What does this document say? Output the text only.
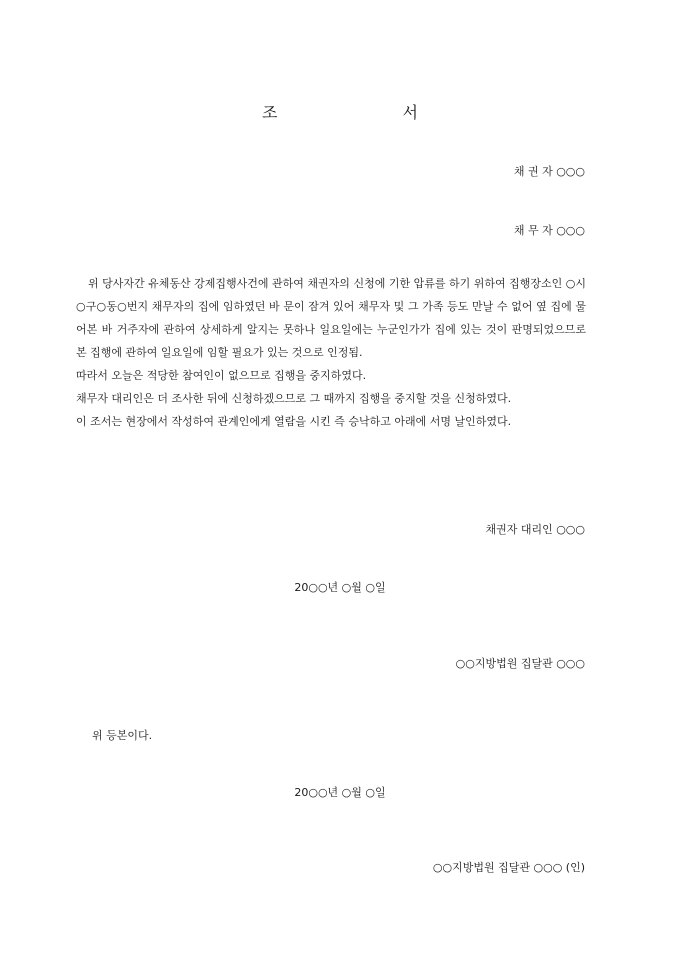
조 서
채 권 자 ○○○
채 무 자 ○○○

위 당사자간 유체동산 강제집행사건에 관하여 채권자의 신청에 기한 압류를 하기 위하여 집행장소인 ○시○구○동○번지 채무자의 집에 임하였던 바 문이 잠겨 있어 채무자 및 그 가족 등도 만날 수 없어 옆 집에 물어본 바 거주자에 관하여 상세하게 알지는 못하나 일요일에는 누군인가가 집에 있는 것이 판명되었으므로 본 집행에 관하여 일요일에 임할 필요가 있는 것으로 인정됨.

따라서 오늘은 적당한 참여인이 없으므로 집행을 중지하였다.

채무자 대리인은 더 조사한 뒤에 신청하겠으므로 그 때까지 집행을 중지할 것을 신청하였다.

이 조서는 현장에서 작성하여 관계인에게 열람을 시킨 즉 승낙하고 아래에 서명 날인하였다.

채권자 대리인 ○○○
20○○년 ○월 ○일
○○지방법원 집달관 ○○○
위 등본이다.
20○○년 ○월 ○일
○○지방법원 집달관 ○○○ (인)
